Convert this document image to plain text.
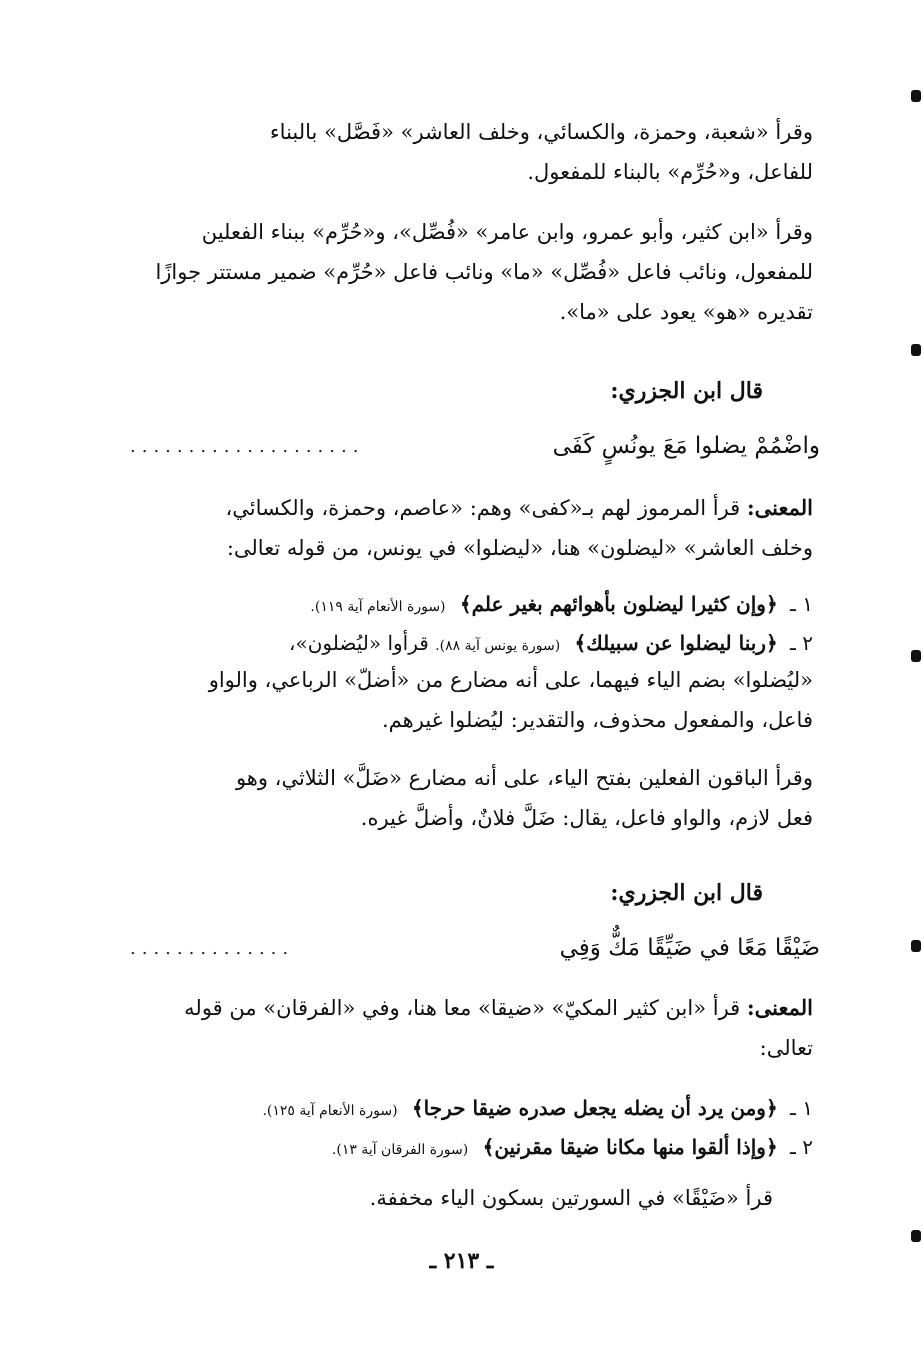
وقرأ «شعبة، وحمزة، والكسائي، وخلف العاشر» «فَصَّل» بالبناء

للفاعل، و«حُرِّم» بالبناء للمفعول.

وقرأ «ابن كثير، وأبو عمرو، وابن عامر» «فُصِّل»، و«حُرِّم» ببناء الفعلين

للمفعول، ونائب فاعل «فُصِّل» «ما» ونائب فاعل «حُرِّم» ضمير مستتر جوازًا

تقديره «هو» يعود على «ما».

قال ابن الجزري:
واضْمُمْ يضلوا مَعَ يونُسٍ كَفَى
....................

المعنى: قرأ المرموز لهم بـ«كفى» وهم: «عاصم، وحمزة، والكسائي،

وخلف العاشر» «ليضلون» هنا، «ليضلوا» في يونس، من قوله تعالى:

١ ـ ﴿وإن كثيرا ليضلون بأهوائهم بغير علم﴾ (سورة الأنعام آية ١١٩).
٢ ـ ﴿ربنا ليضلوا عن سبيلك﴾ (سورة يونس آية ٨٨). قرأوا «ليُضلون»،

«ليُضلوا» بضم الياء فيهما، على أنه مضارع من «أضلّ» الرباعي، والواو

فاعل، والمفعول محذوف، والتقدير: ليُضلوا غيرهم.

وقرأ الباقون الفعلين بفتح الياء، على أنه مضارع «ضَلَّ» الثلاثي، وهو

فعل لازم، والواو فاعل، يقال: ضَلَّ فلانٌ، وأضلَّ غيره.

قال ابن الجزري:
ضَيْقًا مَعًا في ضَيِّقًا مَكٌّ وَفِي
..............

المعنى: قرأ «ابن كثير المكيّ» «ضيقا» معا هنا، وفي «الفرقان» من قوله

تعالى:

١ ـ ﴿ومن يرد أن يضله يجعل صدره ضيقا حرجا﴾ (سورة الأنعام آية ١٢٥).
٢ ـ ﴿وإذا ألقوا منها مكانا ضيقا مقرنين﴾ (سورة الفرقان آية ١٣).

قرأ «ضَيْقًا» في السورتين بسكون الياء مخففة.

ـ ٢١٣ ـ
